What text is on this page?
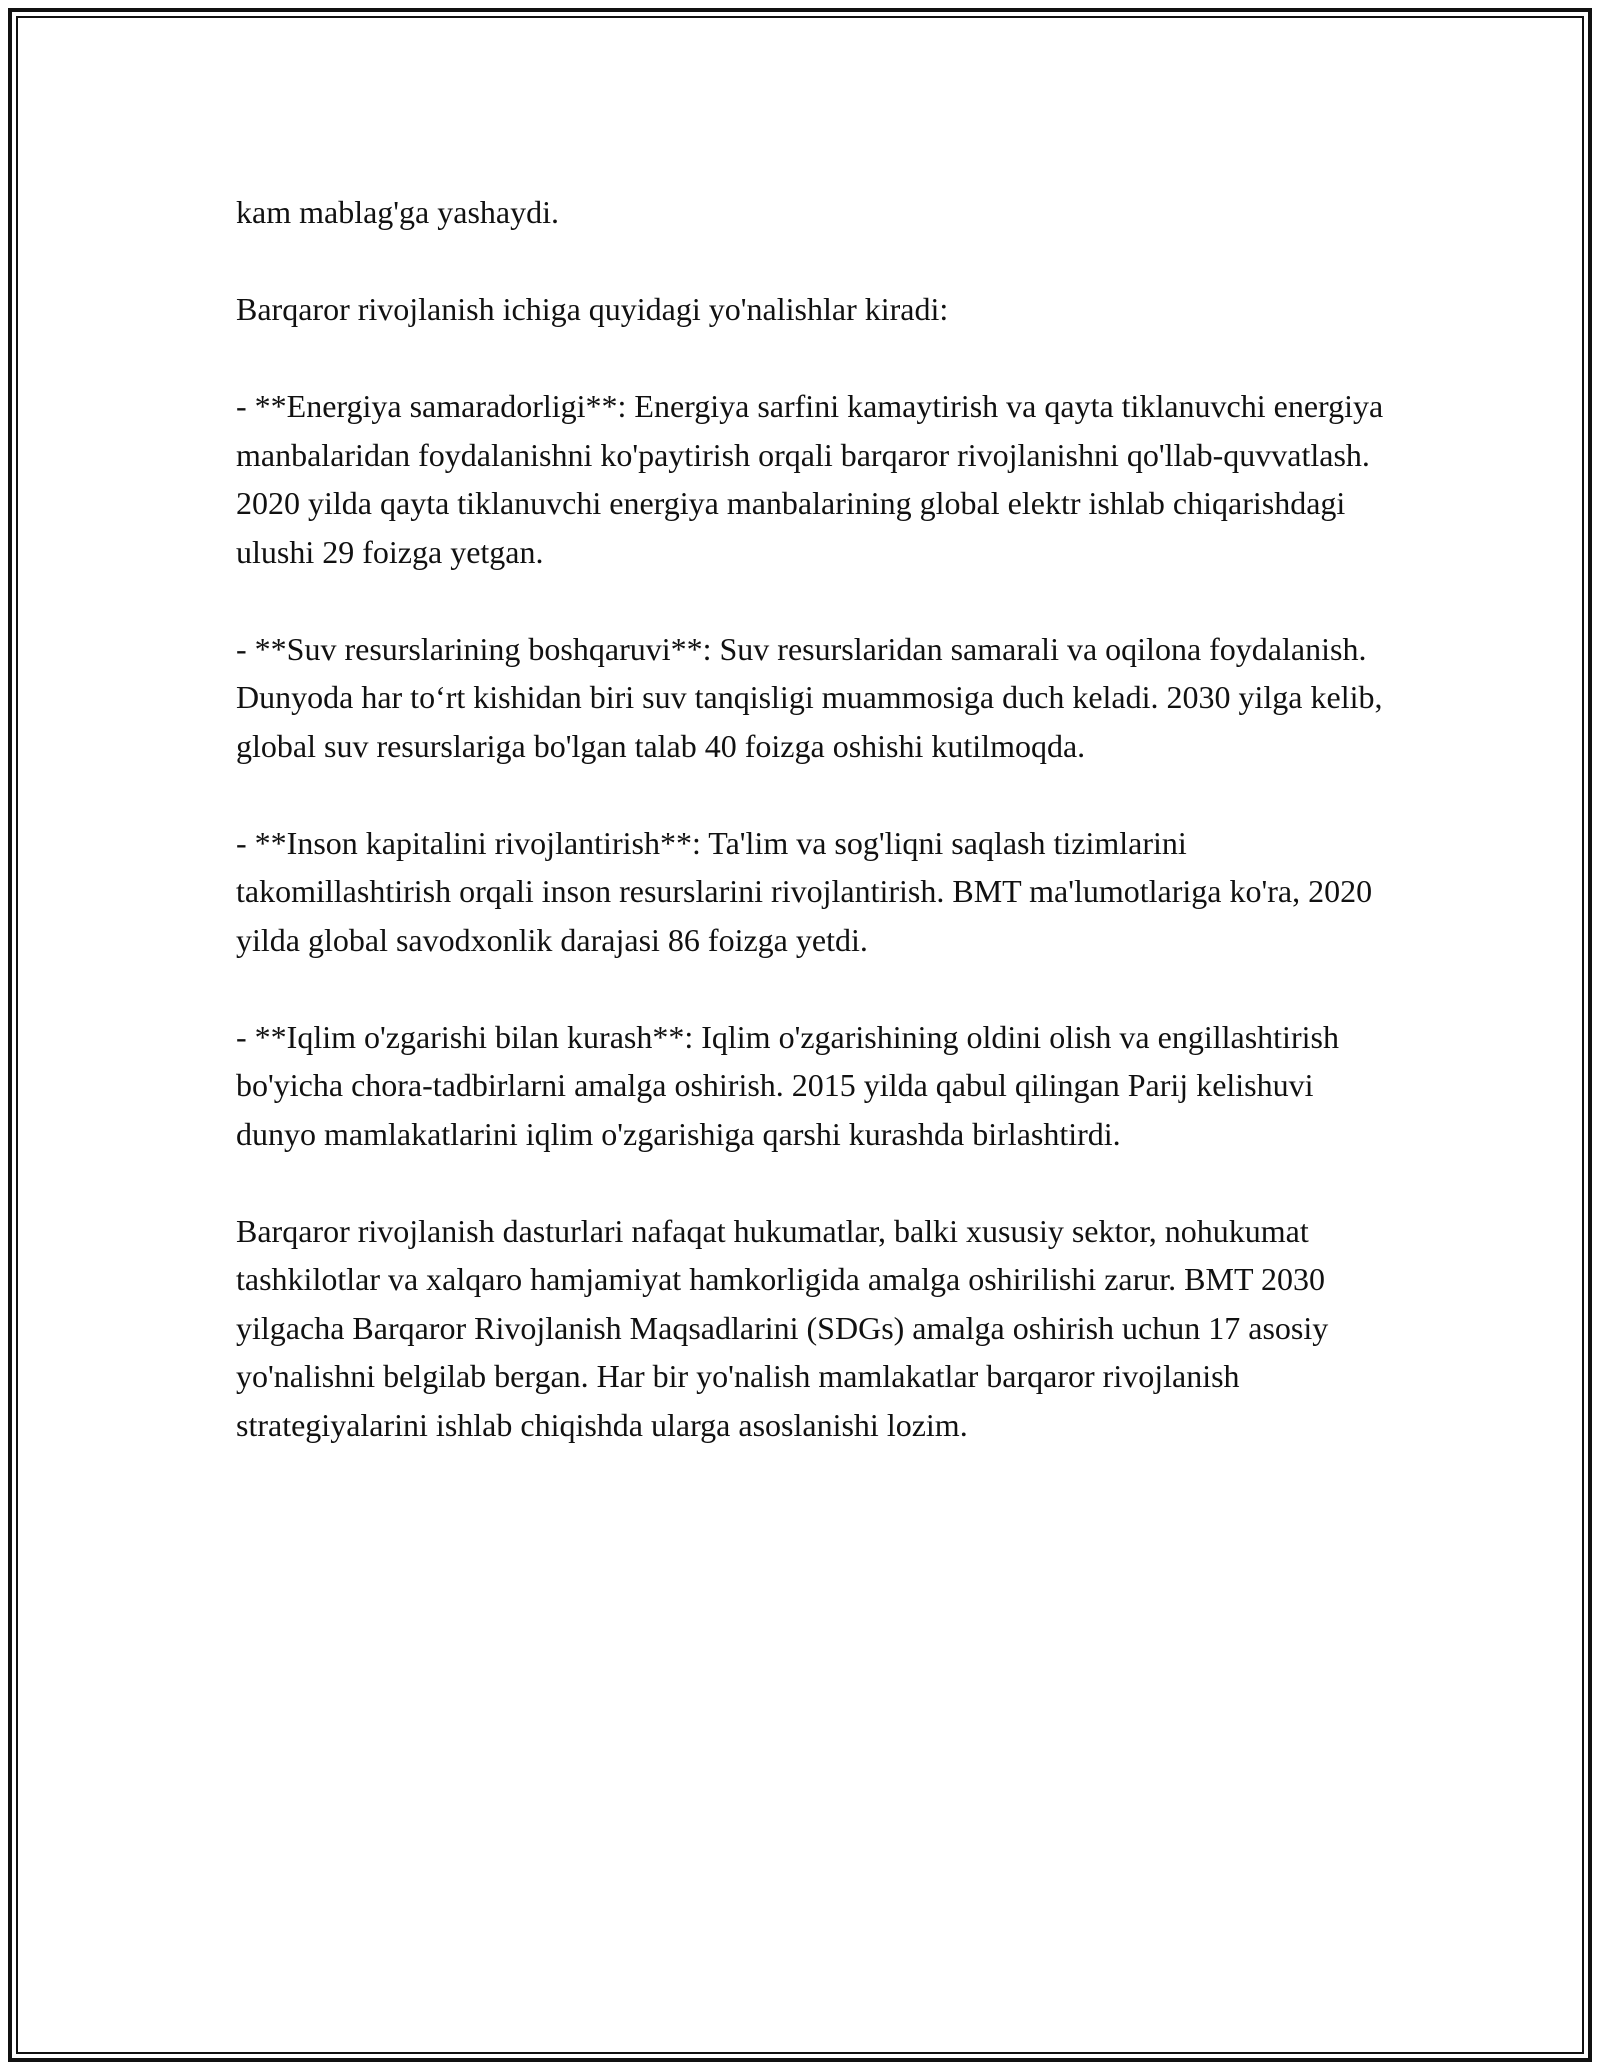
kam mablag'ga yashaydi.

Barqaror rivojlanish ichiga quyidagi yo'nalishlar kiradi:

- **Energiya samaradorligi**: Energiya sarfini kamaytirish va qayta tiklanuvchi energiya manbalaridan foydalanishni ko'paytirish orqali barqaror rivojlanishni qo'llab-quvvatlash. 2020 yilda qayta tiklanuvchi energiya manbalarining global elektr ishlab chiqarishdagi ulushi 29 foizga yetgan.

- **Suv resurslarining boshqaruvi**: Suv resurslaridan samarali va oqilona foydalanish. Dunyoda har to‘rt kishidan biri suv tanqisligi muammosiga duch keladi. 2030 yilga kelib, global suv resurslariga bo'lgan talab 40 foizga oshishi kutilmoqda.

- **Inson kapitalini rivojlantirish**: Ta'lim va sog'liqni saqlash tizimlarini takomillashtirish orqali inson resurslarini rivojlantirish. BMT ma'lumotlariga ko'ra, 2020 yilda global savodxonlik darajasi 86 foizga yetdi.

- **Iqlim o'zgarishi bilan kurash**: Iqlim o'zgarishining oldini olish va engillashtirish bo'yicha chora-tadbirlarni amalga oshirish. 2015 yilda qabul qilingan Parij kelishuvi dunyo mamlakatlarini iqlim o'zgarishiga qarshi kurashda birlashtirdi.

Barqaror rivojlanish dasturlari nafaqat hukumatlar, balki xususiy sektor, nohukumat tashkilotlar va xalqaro hamjamiyat hamkorligida amalga oshirilishi zarur. BMT 2030 yilgacha Barqaror Rivojlanish Maqsadlarini (SDGs) amalga oshirish uchun 17 asosiy yo'nalishni belgilab bergan. Har bir yo'nalish mamlakatlar barqaror rivojlanish strategiyalarini ishlab chiqishda ularga asoslanishi lozim.
